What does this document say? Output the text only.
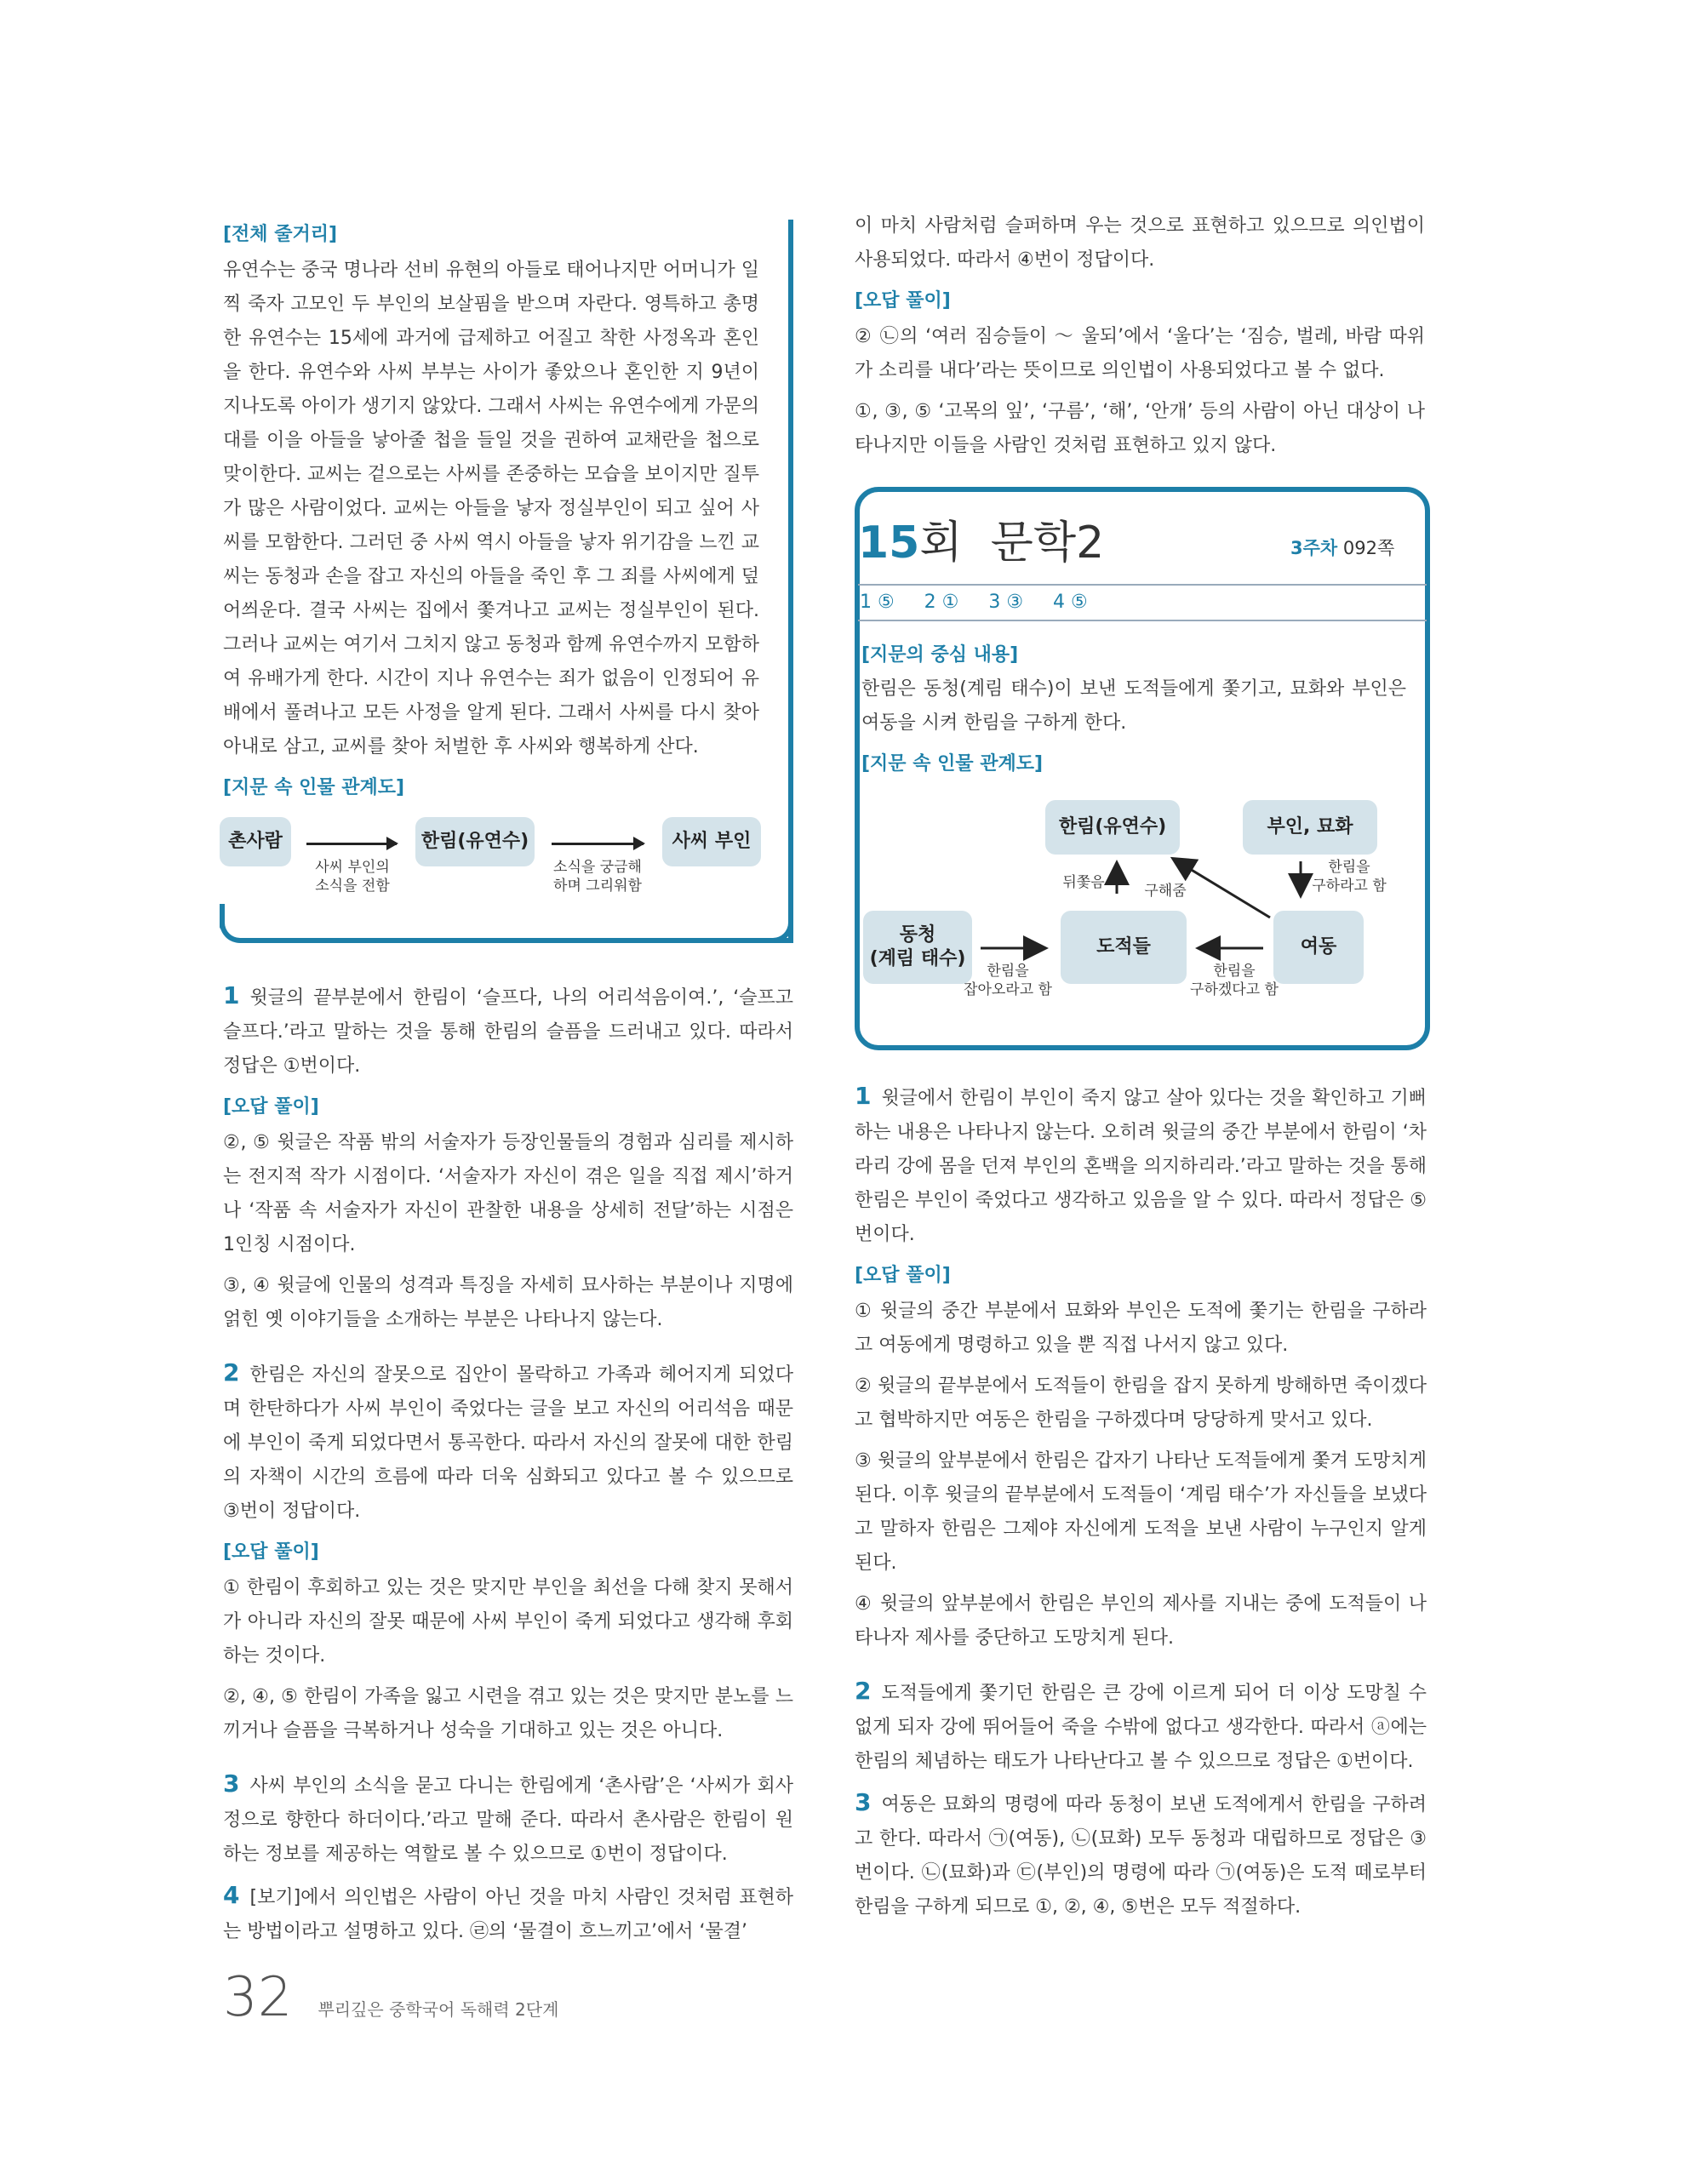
[전체 줄거리]

유연수는 중국 명나라 선비 유현의 아들로 태어나지만 어머니가 일찍 죽자 고모인 두 부인의 보살핌을 받으며 자란다. 영특하고 총명한 유연수는 15세에 과거에 급제하고 어질고 착한 사정옥과 혼인을 한다. 유연수와 사씨 부부는 사이가 좋았으나 혼인한 지 9년이 지나도록 아이가 생기지 않았다. 그래서 사씨는 유연수에게 가문의 대를 이을 아들을 낳아줄 첩을 들일 것을 권하여 교채란을 첩으로 맞이한다. 교씨는 겉으로는 사씨를 존중하는 모습을 보이지만 질투가 많은 사람이었다. 교씨는 아들을 낳자 정실부인이 되고 싶어 사씨를 모함한다. 그러던 중 사씨 역시 아들을 낳자 위기감을 느낀 교씨는 동청과 손을 잡고 자신의 아들을 죽인 후 그 죄를 사씨에게 덮어씌운다. 결국 사씨는 집에서 쫓겨나고 교씨는 정실부인이 된다. 그러나 교씨는 여기서 그치지 않고 동청과 함께 유연수까지 모함하여 유배가게 한다. 시간이 지나 유연수는 죄가 없음이 인정되어 유배에서 풀려나고 모든 사정을 알게 된다. 그래서 사씨를 다시 찾아 아내로 삼고, 교씨를 찾아 처벌한 후 사씨와 행복하게 산다.

[지문 속 인물 관계도]
촌사람
사씨 부인의
소식을 전함
한림(유연수)
소식을 궁금해
하며 그리워함
사씨 부인

1 윗글의 끝부분에서 한림이 ‘슬프다, 나의 어리석음이여.’, ‘슬프고 슬프다.’라고 말하는 것을 통해 한림의 슬픔을 드러내고 있다. 따라서 정답은 ①번이다.

[오답 풀이]

②, ⑤ 윗글은 작품 밖의 서술자가 등장인물들의 경험과 심리를 제시하는 전지적 작가 시점이다. ‘서술자가 자신이 겪은 일을 직접 제시’하거나 ‘작품 속 서술자가 자신이 관찰한 내용을 상세히 전달’하는 시점은 1인칭 시점이다.

③, ④ 윗글에 인물의 성격과 특징을 자세히 묘사하는 부분이나 지명에 얽힌 옛 이야기들을 소개하는 부분은 나타나지 않는다.

2 한림은 자신의 잘못으로 집안이 몰락하고 가족과 헤어지게 되었다며 한탄하다가 사씨 부인이 죽었다는 글을 보고 자신의 어리석음 때문에 부인이 죽게 되었다면서 통곡한다. 따라서 자신의 잘못에 대한 한림의 자책이 시간의 흐름에 따라 더욱 심화되고 있다고 볼 수 있으므로 ③번이 정답이다.

[오답 풀이]

① 한림이 후회하고 있는 것은 맞지만 부인을 최선을 다해 찾지 못해서가 아니라 자신의 잘못 때문에 사씨 부인이 죽게 되었다고 생각해 후회하는 것이다.

②, ④, ⑤ 한림이 가족을 잃고 시련을 겪고 있는 것은 맞지만 분노를 느끼거나 슬픔을 극복하거나 성숙을 기대하고 있는 것은 아니다.

3 사씨 부인의 소식을 묻고 다니는 한림에게 ‘촌사람’은 ‘사씨가 회사정으로 향한다 하더이다.’라고 말해 준다. 따라서 촌사람은 한림이 원하는 정보를 제공하는 역할로 볼 수 있으므로 ①번이 정답이다.

4 [보기]에서 의인법은 사람이 아닌 것을 마치 사람인 것처럼 표현하는 방법이라고 설명하고 있다. ㉣의 ‘물결이 흐느끼고’에서 ‘물결’

이 마치 사람처럼 슬퍼하며 우는 것으로 표현하고 있으므로 의인법이 사용되었다. 따라서 ④번이 정답이다.

[오답 풀이]

② ㉡의 ‘여러 짐승들이 ～ 울되’에서 ‘울다’는 ‘짐승, 벌레, 바람 따위가 소리를 내다’라는 뜻이므로 의인법이 사용되었다고 볼 수 없다.

①, ③, ⑤ ‘고목의 잎’, ‘구름’, ‘해’, ‘안개’ 등의 사람이 아닌 대상이 나타나지만 이들을 사람인 것처럼 표현하고 있지 않다.

15회  문학2	3주차 092쪽
1 ⑤     2 ①     3 ③     4 ⑤
[지문의 중심 내용]

한림은 동청(계림 태수)이 보낸 도적들에게 쫓기고, 묘화와 부인은 여동을 시켜 한림을 구하게 한다.

[지문 속 인물 관계도]
한림(유연수)	부인, 묘화
동청
(계림 태수)
도적들	여동
뒤쫓음	구해줌
한림을
구하라고 함
한림을
잡아오라고 함
한림을
구하겠다고 함

1 윗글에서 한림이 부인이 죽지 않고 살아 있다는 것을 확인하고 기뻐하는 내용은 나타나지 않는다. 오히려 윗글의 중간 부분에서 한림이 ‘차라리 강에 몸을 던져 부인의 혼백을 의지하리라.’라고 말하는 것을 통해 한림은 부인이 죽었다고 생각하고 있음을 알 수 있다. 따라서 정답은 ⑤번이다.

[오답 풀이]

① 윗글의 중간 부분에서 묘화와 부인은 도적에 쫓기는 한림을 구하라고 여동에게 명령하고 있을 뿐 직접 나서지 않고 있다.

② 윗글의 끝부분에서 도적들이 한림을 잡지 못하게 방해하면 죽이겠다고 협박하지만 여동은 한림을 구하겠다며 당당하게 맞서고 있다.

③ 윗글의 앞부분에서 한림은 갑자기 나타난 도적들에게 쫓겨 도망치게 된다. 이후 윗글의 끝부분에서 도적들이 ‘계림 태수’가 자신들을 보냈다고 말하자 한림은 그제야 자신에게 도적을 보낸 사람이 누구인지 알게 된다.

④ 윗글의 앞부분에서 한림은 부인의 제사를 지내는 중에 도적들이 나타나자 제사를 중단하고 도망치게 된다.

2 도적들에게 쫓기던 한림은 큰 강에 이르게 되어 더 이상 도망칠 수 없게 되자 강에 뛰어들어 죽을 수밖에 없다고 생각한다. 따라서 ⓐ에는 한림의 체념하는 태도가 나타난다고 볼 수 있으므로 정답은 ①번이다.

3 여동은 묘화의 명령에 따라 동청이 보낸 도적에게서 한림을 구하려고 한다. 따라서 ㉠(여동), ㉡(묘화) 모두 동청과 대립하므로 정답은 ③번이다. ㉡(묘화)과 ㉢(부인)의 명령에 따라 ㉠(여동)은 도적 떼로부터 한림을 구하게 되므로 ①, ②, ④, ⑤번은 모두 적절하다.

32 뿌리깊은 중학국어 독해력 2단계
